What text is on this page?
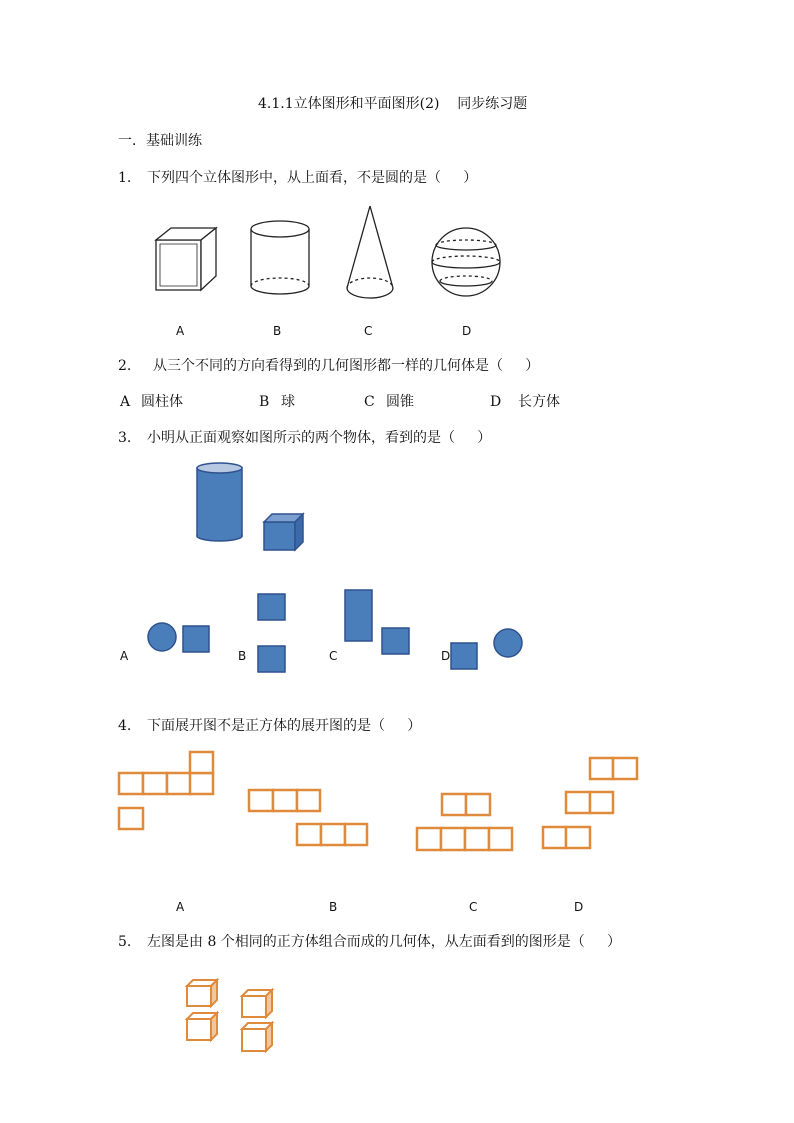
4.1.1立体图形和平面图形(2)    同步练习题
一．基础训练
1. 下列四个立体图形中，从上面看，不是圆的是（     ）
A	B	C	D
2. 从三个不同的方向看得到的几何图形都一样的几何体是（     ）
A 圆柱体	B 球	C 圆锥	D 长方体
3. 小明从正面观察如图所示的两个物体，看到的是（     ）
A	B	C	D
4. 下面展开图不是正方体的展开图的是（     ）
A	B	C	D
5. 左图是由 8 个相同的正方体组合而成的几何体，从左面看到的图形是（     ）
